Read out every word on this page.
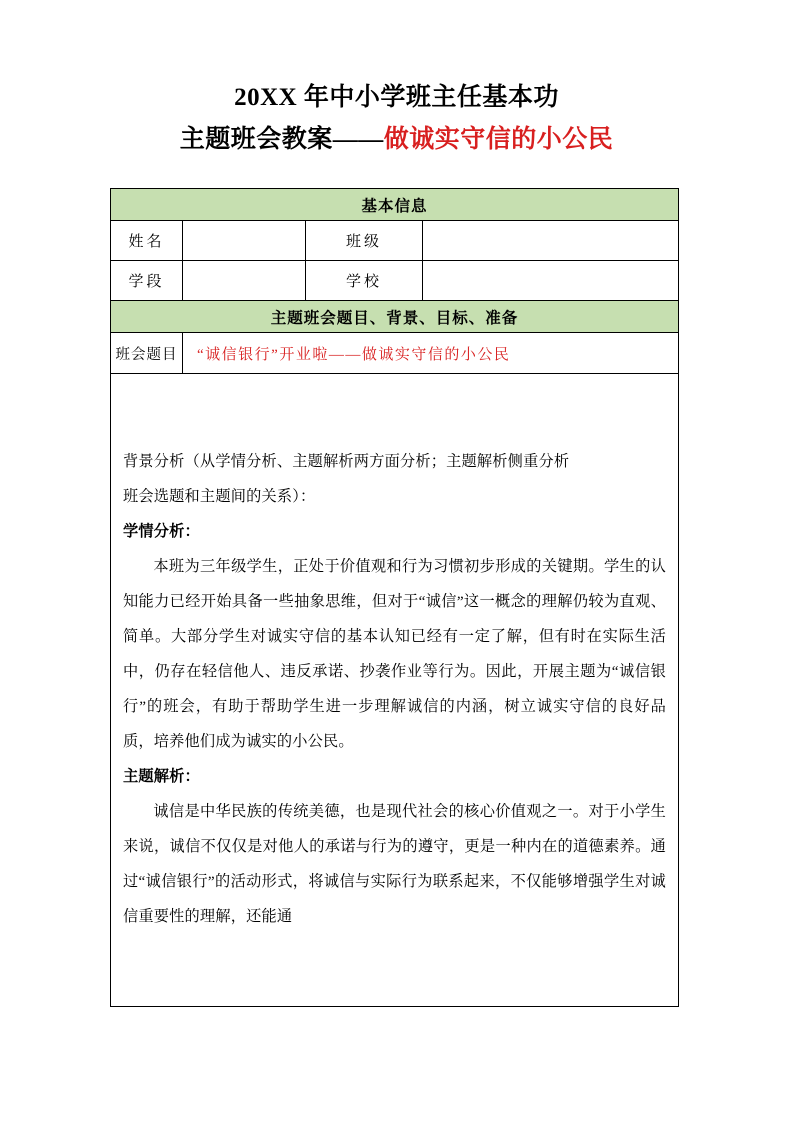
20XX 年中小学班主任基本功
主题班会教案——做诚实守信的小公民
基本信息			
姓名		班级	
学段		学校	
主题班会题目、背景、目标、准备			
班会题目	“诚信银行”开业啦——做诚实守信的小公民		

背景分析（从学情分析、主题解析两方面分析；主题解析侧重分析

班会选题和主题间的关系）：

学情分析：

本班为三年级学生，正处于价值观和行为习惯初步形成的关键期。学生的认知能力已经开始具备一些抽象思维，但对于“诚信”这一概念的理解仍较为直观、简单。大部分学生对诚实守信的基本认知已经有一定了解，但有时在实际生活中，仍存在轻信他人、违反承诺、抄袭作业等行为。因此，开展主题为“诚信银行”的班会，有助于帮助学生进一步理解诚信的内涵，树立诚实守信的良好品质，培养他们成为诚实的小公民。

主题解析：

诚信是中华民族的传统美德，也是现代社会的核心价值观之一。对于小学生来说，诚信不仅仅是对他人的承诺与行为的遵守，更是一种内在的道德素养。通过“诚信银行”的活动形式，将诚信与实际行为联系起来，不仅能够增强学生对诚信重要性的理解，还能通
